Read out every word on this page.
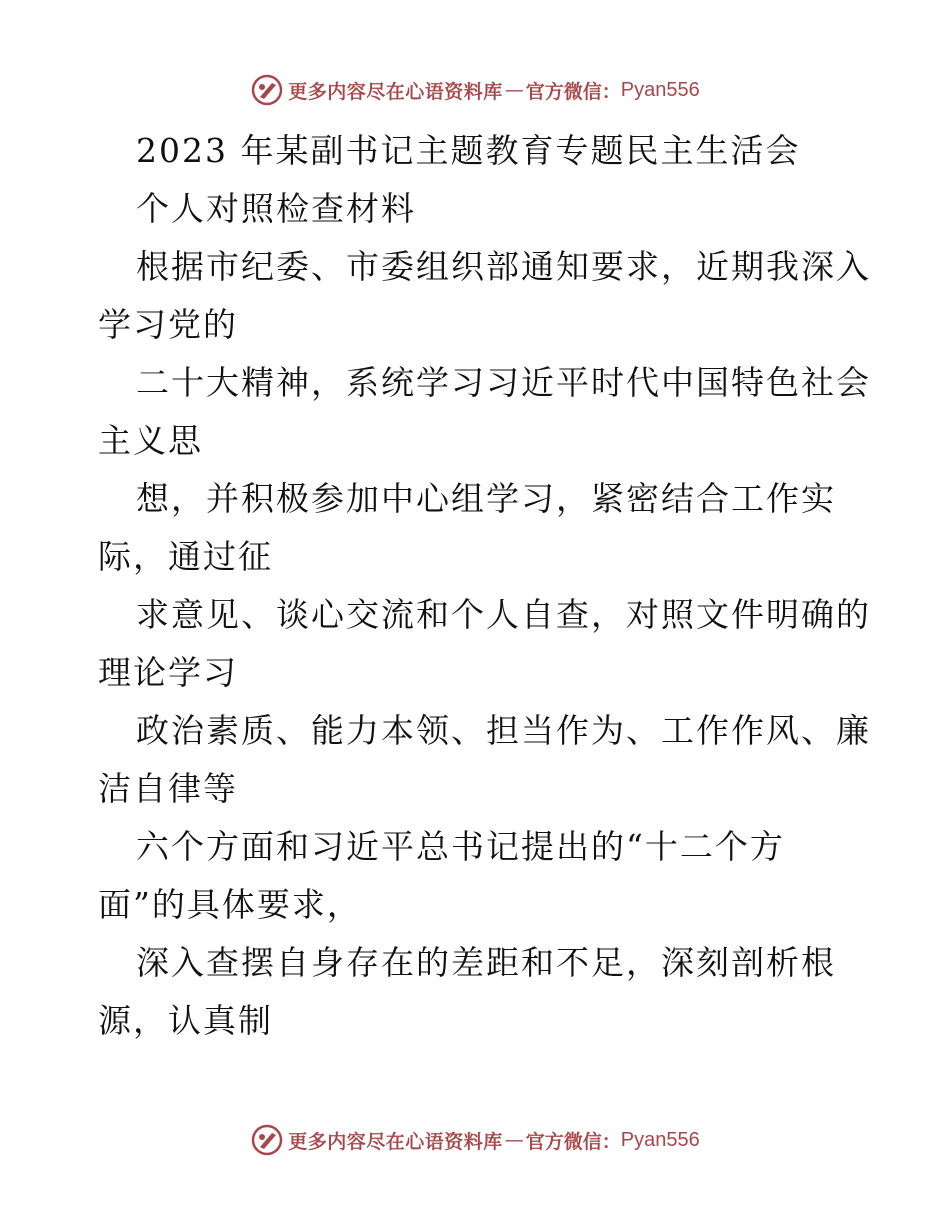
更多内容尽在心语资料库 — 官方微信： Pyan556
2023 年某副书记主题教育专题民主生活会
个人对照检查材料
根据市纪委、市委组织部通知要求，近期我深入
学习党的
二十大精神，系统学习习近平时代中国特色社会
主义思
想，并积极参加中心组学习，紧密结合工作实
际，通过征
求意见、谈心交流和个人自查，对照文件明确的
理论学习
政治素质、能力本领、担当作为、工作作风、廉
洁自律等
六个方面和习近平总书记提出的“十二个方
面”的具体要求，
深入查摆自身存在的差距和不足，深刻剖析根
源，认真制
更多内容尽在心语资料库 — 官方微信： Pyan556
